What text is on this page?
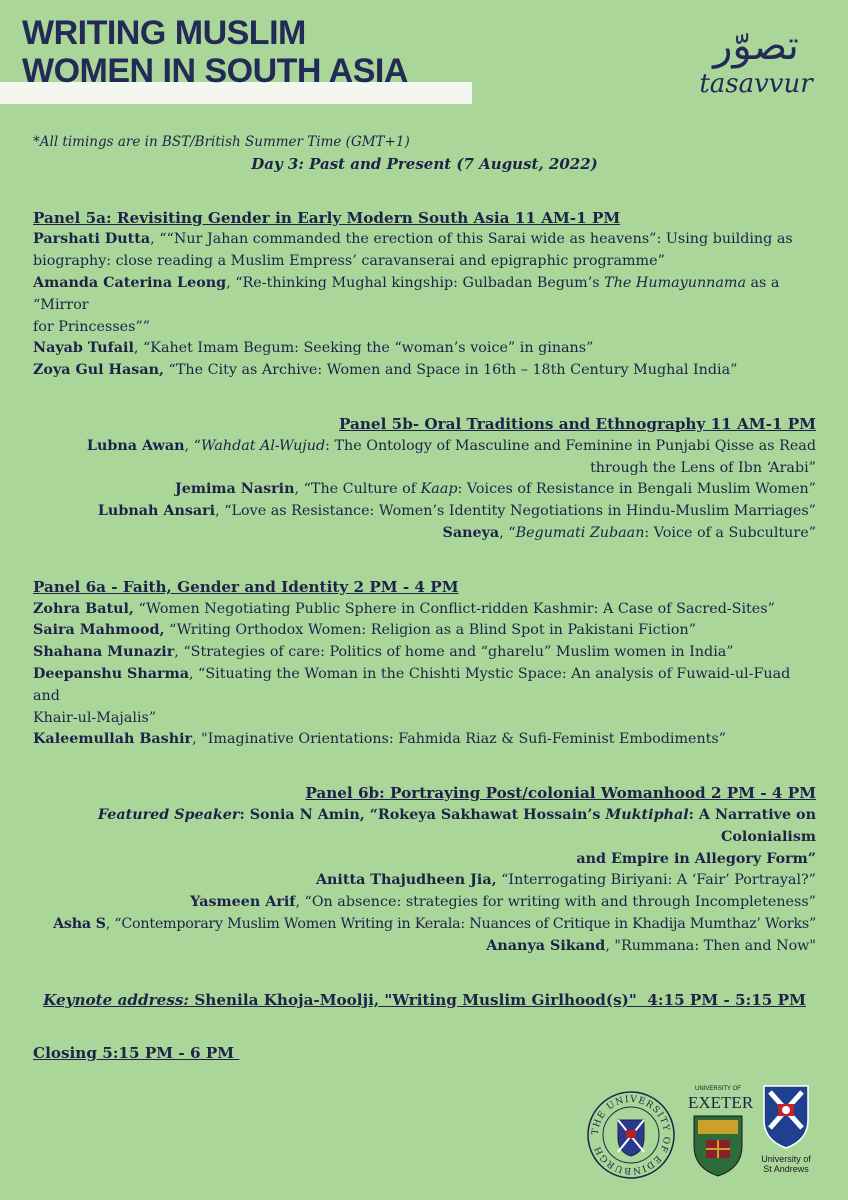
WRITING MUSLIM
WOMEN IN SOUTH ASIA
تصوّر
tasavvur
*All timings are in BST/British Summer Time (GMT+1)
Day 3: Past and Present (7 August, 2022)
Panel 5a: Revisiting Gender in Early Modern South Asia 11 AM-1 PM
Parshati Dutta, ““Nur Jahan commanded the erection of this Sarai wide as heavens”: Using building as
biography: close reading a Muslim Empress’ caravanserai and epigraphic programme”
Amanda Caterina Leong, “Re-thinking Mughal kingship: Gulbadan Begum’s The Humayunnama as a “Mirror
for Princesses””
Nayab Tufail, “Kahet Imam Begum: Seeking the “woman’s voice” in ginans”
Zoya Gul Hasan, “The City as Archive: Women and Space in 16th – 18th Century Mughal India”
Panel 5b- Oral Traditions and Ethnography 11 AM-1 PM
Lubna Awan, “Wahdat Al-Wujud: The Ontology of Masculine and Feminine in Punjabi Qisse as Read
through the Lens of Ibn ‘Arabi”
Jemima Nasrin, “The Culture of Kaap: Voices of Resistance in Bengali Muslim Women”
Lubnah Ansari, “Love as Resistance: Women’s Identity Negotiations in Hindu-Muslim Marriages”
Saneya, “Begumati Zubaan: Voice of a Subculture”
Panel 6a - Faith, Gender and Identity 2 PM - 4 PM
Zohra Batul, “Women Negotiating Public Sphere in Conflict-ridden Kashmir: A Case of Sacred-Sites”
Saira Mahmood, “Writing Orthodox Women: Religion as a Blind Spot in Pakistani Fiction”
Shahana Munazir, “Strategies of care: Politics of home and “gharelu” Muslim women in India”
Deepanshu Sharma, “Situating the Woman in the Chishti Mystic Space: An analysis of Fuwaid-ul-Fuad and
Khair-ul-Majalis”
Kaleemullah Bashir, "Imaginative Orientations: Fahmida Riaz & Sufi-Feminist Embodiments”
Panel 6b: Portraying Post/colonial Womanhood 2 PM - 4 PM
Featured Speaker: Sonia N Amin, “Rokeya Sakhawat Hossain’s Muktiphal: A Narrative on Colonialism
and Empire in Allegory Form”
Anitta Thajudheen Jia, “Interrogating Biriyani: A ‘Fair’ Portrayal?”
Yasmeen Arif, “On absence: strategies for writing with and through Incompleteness”
Asha S, “Contemporary Muslim Women Writing in Kerala: Nuances of Critique in Khadija Mumthaz’ Works”
Ananya Sikand, "Rummana: Then and Now"
Keynote address: Shenila Khoja-Moolji, "Writing Muslim Girlhood(s)"  4:15 PM - 5:15 PM
Closing 5:15 PM - 6 PM
THE UNIVERSITY OF EDINBURGH
UNIVERSITY OF
EXETER
University of
St Andrews
